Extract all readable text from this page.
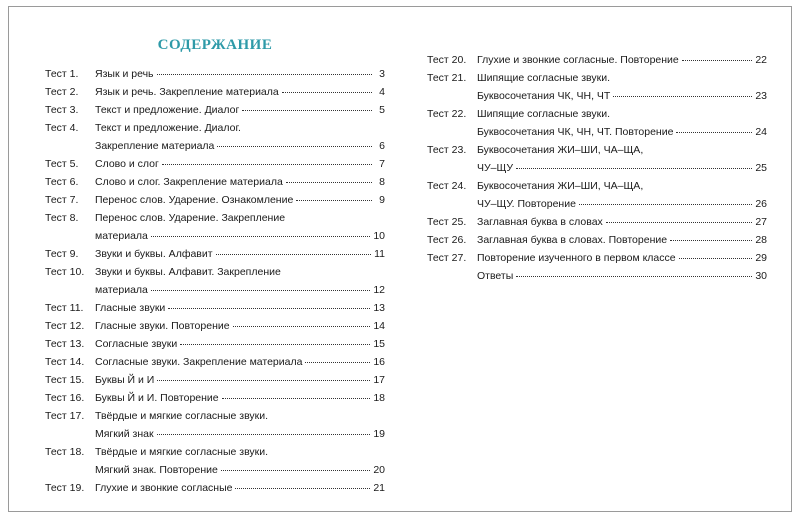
СОДЕРЖАНИЕ
Тест 1.	Язык и речь	3
Тест 2.	Язык и речь. Закрепление материала	4
Тест 3.	Текст и предложение. Диалог	5
Тест 4.	Текст и предложение. Диалог.
Закрепление материала	6
Тест 5.	Слово и слог	7
Тест 6.	Слово и слог. Закрепление материала	8
Тест 7.	Перенос слов. Ударение. Ознакомление	9
Тест 8.	Перенос слов. Ударение. Закрепление
материала	10
Тест 9.	Звуки и буквы. Алфавит	11
Тест 10.	Звуки и буквы. Алфавит. Закрепление
материала	12
Тест 11.	Гласные звуки	13
Тест 12.	Гласные звуки. Повторение	14
Тест 13.	Согласные звуки	15
Тест 14.	Согласные звуки. Закрепление материала	16
Тест 15.	Буквы Й и И	17
Тест 16.	Буквы Й и И. Повторение	18
Тест 17.	Твёрдые и мягкие согласные звуки.
Мягкий знак	19
Тест 18.	Твёрдые и мягкие согласные звуки.
Мягкий знак. Повторение	20
Тест 19.	Глухие и звонкие согласные	21
Тест 20.	Глухие и звонкие согласные. Повторение	22
Тест 21.	Шипящие согласные звуки.
Буквосочетания ЧК, ЧН, ЧТ	23
Тест 22.	Шипящие согласные звуки.
Буквосочетания ЧК, ЧН, ЧТ. Повторение	24
Тест 23.	Буквосочетания ЖИ–ШИ, ЧА–ЩА,
ЧУ–ЩУ	25
Тест 24.	Буквосочетания ЖИ–ШИ, ЧА–ЩА,
ЧУ–ЩУ. Повторение	26
Тест 25.	Заглавная буква в словах	27
Тест 26.	Заглавная буква в словах. Повторение	28
Тест 27.	Повторение изученного в первом классе	29
Ответы	30
